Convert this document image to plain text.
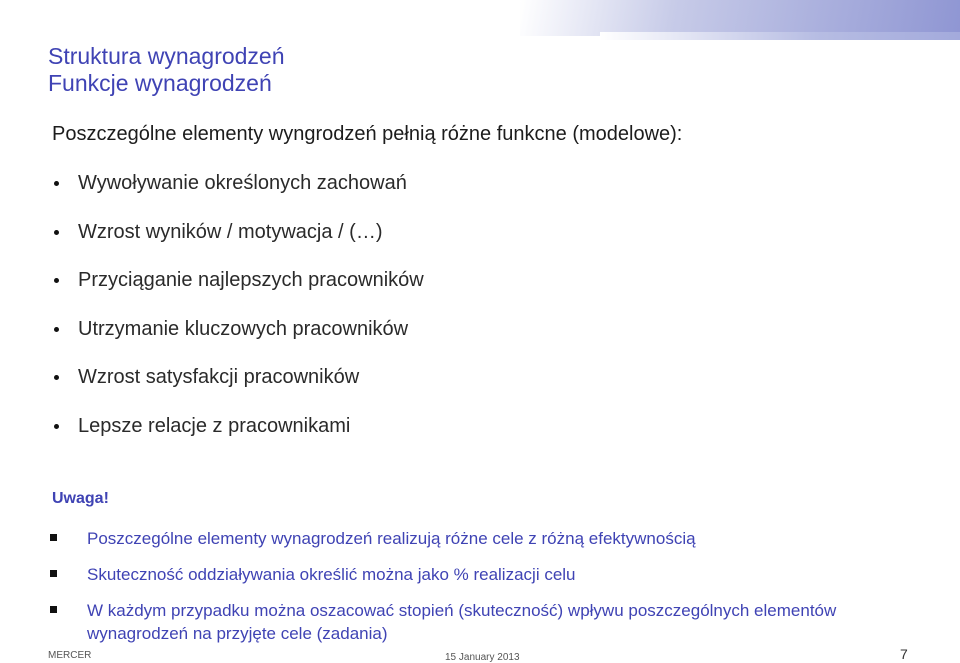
Struktura wynagrodzeń
Funkcje wynagrodzeń
Poszczególne elementy wyngrodzeń pełnią różne funkcne (modelowe):
Wywoływanie określonych zachowań
Wzrost wyników / motywacja / (…)
Przyciąganie najlepszych pracowników
Utrzymanie kluczowych pracowników
Wzrost satysfakcji pracowników
Lepsze relacje z pracownikami
Uwaga!
Poszczególne elementy wynagrodzeń realizują różne cele z różną efektywnością
Skuteczność oddziaływania określić można jako % realizacji celu
W każdym przypadku można oszacować stopień (skuteczność) wpływu poszczególnych elementów wynagrodzeń na przyjęte cele (zadania)
MERCER	15 January 2013	7
